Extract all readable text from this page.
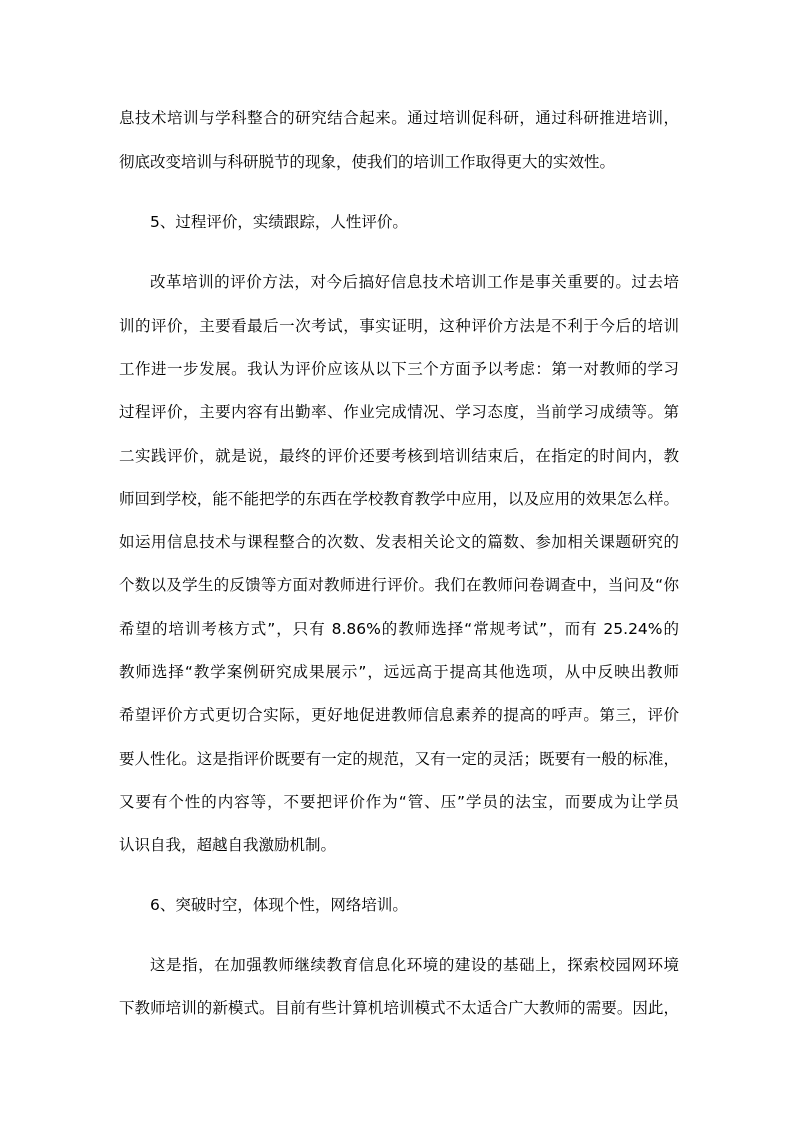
息技术培训与学科整合的研究结合起来。通过培训促科研，通过科研推进培训，
彻底改变培训与科研脱节的现象，使我们的培训工作取得更大的实效性。
5、过程评价，实绩跟踪，人性评价。
改革培训的评价方法，对今后搞好信息技术培训工作是事关重要的。过去培
训的评价，主要看最后一次考试，事实证明，这种评价方法是不利于今后的培训
工作进一步发展。我认为评价应该从以下三个方面予以考虑：第一对教师的学习
过程评价，主要内容有出勤率、作业完成情况、学习态度，当前学习成绩等。第
二实践评价，就是说，最终的评价还要考核到培训结束后，在指定的时间内，教
师回到学校，能不能把学的东西在学校教育教学中应用，以及应用的效果怎么样。
如运用信息技术与课程整合的次数、发表相关论文的篇数、参加相关课题研究的
个数以及学生的反馈等方面对教师进行评价。我们在教师问卷调查中，当问及“你
希望的培训考核方式”，只有 8.86%的教师选择“常规考试”，而有 25.24%的
教师选择“教学案例研究成果展示”，远远高于提高其他选项，从中反映出教师
希望评价方式更切合实际，更好地促进教师信息素养的提高的呼声。第三，评价
要人性化。这是指评价既要有一定的规范，又有一定的灵活；既要有一般的标准，
又要有个性的内容等，不要把评价作为“管、压”学员的法宝，而要成为让学员
认识自我，超越自我激励机制。
6、突破时空，体现个性，网络培训。
这是指，在加强教师继续教育信息化环境的建设的基础上，探索校园网环境
下教师培训的新模式。目前有些计算机培训模式不太适合广大教师的需要。因此，
